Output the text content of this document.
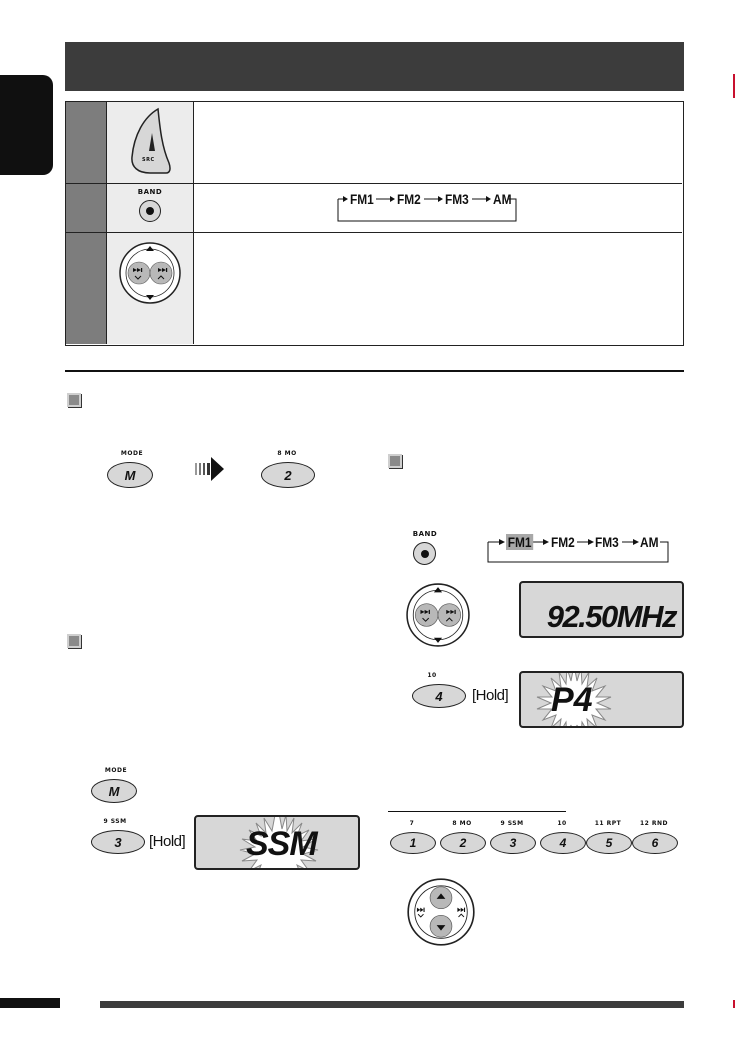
SRC
BAND	FM1 FM2 FM3 AM
MODE
M
8 MO
2
MODE
M
9 SSM
3 [Hold] SSM
BAND	FM1 FM2 FM3 AM
92.50MHz
10
4 [Hold] P4
7
1
8 MO
2
9 SSM
3
10
4
11 RPT
5
12 RND
6
